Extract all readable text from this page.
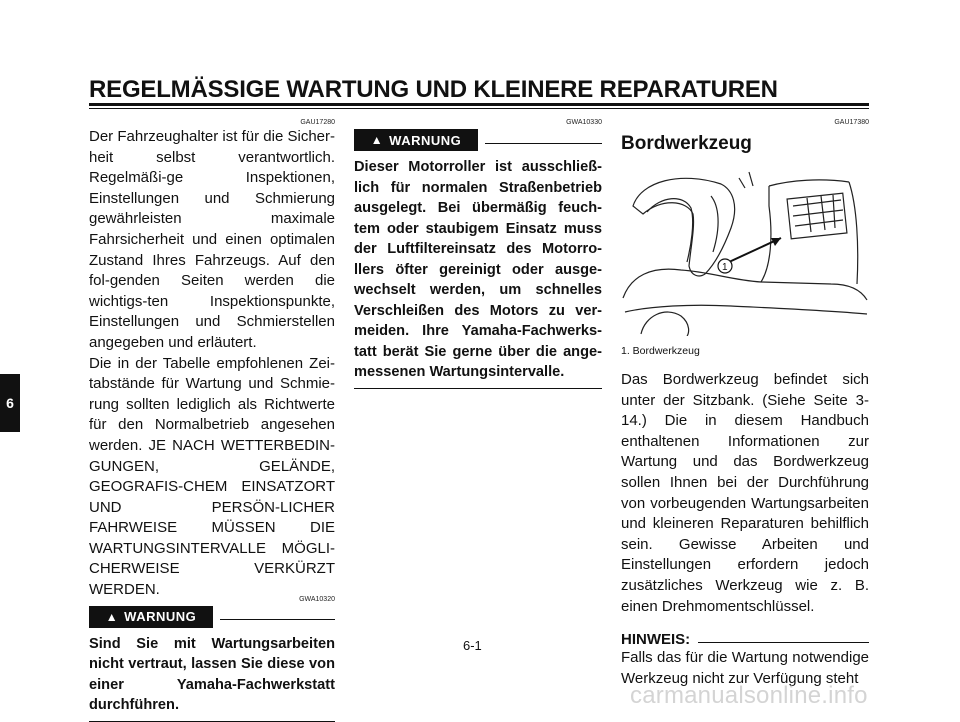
REGELMÄSSIGE WARTUNG UND KLEINERE REPARATUREN
6
GAU17280

Der Fahrzeughalter ist für die Sicher-heit selbst verantwortlich. Regelmäßi-ge Inspektionen, Einstellungen und Schmierung gewährleisten maximale Fahrsicherheit und einen optimalen Zustand Ihres Fahrzeugs. Auf den fol-genden Seiten werden die wichtigs-ten Inspektionspunkte, Einstellungen und Schmierstellen angegeben und erläutert.

Die in der Tabelle empfohlenen Zei-tabstände für Wartung und Schmie-rung sollten lediglich als Richtwerte für den Normalbetrieb angesehen werden. JE NACH WETTERBEDIN-GUNGEN, GELÄNDE, GEOGRAFIS-CHEM EINSATZORT UND PERSÖN-LICHER FAHRWEISE MÜSSEN DIE WARTUNGSINTERVALLE MÖGLI-CHERWEISE VERKÜRZT WERDEN.

GWA10320
▲ WARNUNG

Sind Sie mit Wartungsarbeiten nicht vertraut, lassen Sie diese von einer Yamaha-Fachwerkstatt durchführen.

GWA10330
▲ WARNUNG

Dieser Motorroller ist ausschließ-lich für normalen Straßenbetrieb ausgelegt. Bei übermäßig feuch-tem oder staubigem Einsatz muss der Luftfiltereinsatz des Motorro-llers öfter gereinigt oder ausge-wechselt werden, um schnelles Verschleißen des Motors zu ver-meiden. Ihre Yamaha-Fachwerks-tatt berät Sie gerne über die ange-messenen Wartungsintervalle.

GAU17380
Bordwerkzeug
1
1. Bordwerkzeug

Das Bordwerkzeug befindet sich unter der Sitzbank. (Siehe Seite 3-14.) Die in diesem Handbuch enthaltenen Informationen zur Wartung und das Bordwerkzeug sollen Ihnen bei der Durchführung von vorbeugenden Wartungsarbeiten und kleineren Reparaturen behilflich sein. Gewisse Arbeiten und Einstellungen erfordern jedoch zusätzliches Werkzeug wie z. B. einen Drehmomentschlüssel.

HINWEIS:

Falls das für die Wartung notwendige Werkzeug nicht zur Verfügung steht

6-1
carmanualsonline.info
